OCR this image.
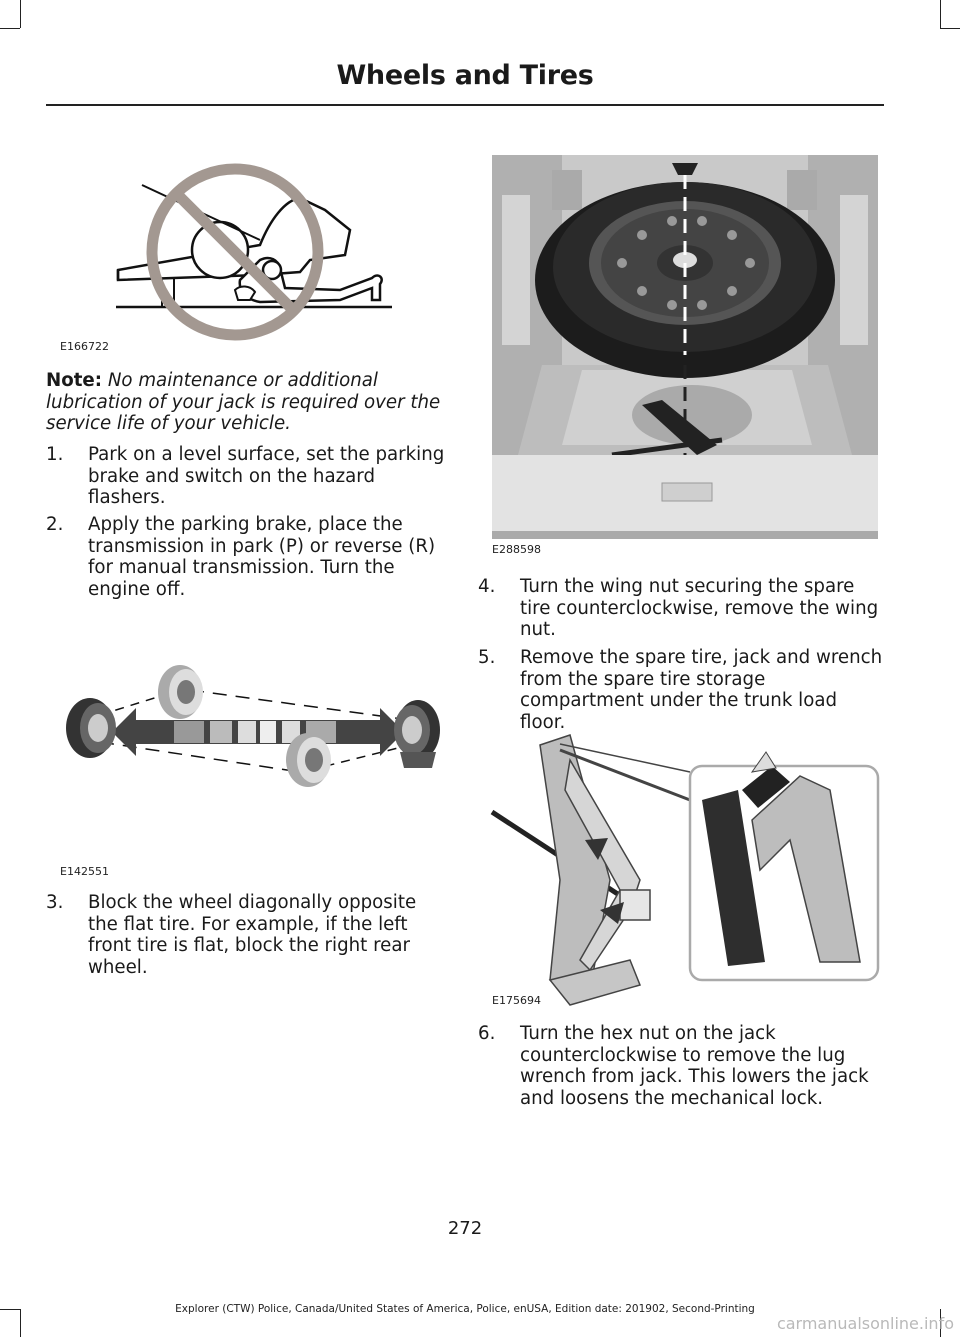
Wheels and Tires
E166722
Note: No maintenance or additional lubrication of your jack is required over the service life of your vehicle.
1. Park on a level surface, set the parking
brake and switch on the hazard
flashers.
2. Apply the parking brake, place the
transmission in park (P) or reverse (R)
for manual transmission. Turn the
engine off.
E142551
3. Block the wheel diagonally opposite
the flat tire. For example, if the left
front tire is flat, block the right rear
wheel.
E288598
4. Turn the wing nut securing the spare
tire counterclockwise, remove the wing
nut.
5. Remove the spare tire, jack and wrench
from the spare tire storage
compartment under the trunk load
floor.
E175694
6. Turn the hex nut on the jack
counterclockwise to remove the lug
wrench from jack. This lowers the jack
and loosens the mechanical lock.
272
Explorer (CTW) Police, Canada/United States of America, Police, enUSA, Edition date: 201902, Second-Printing
carmanualsonline.info
